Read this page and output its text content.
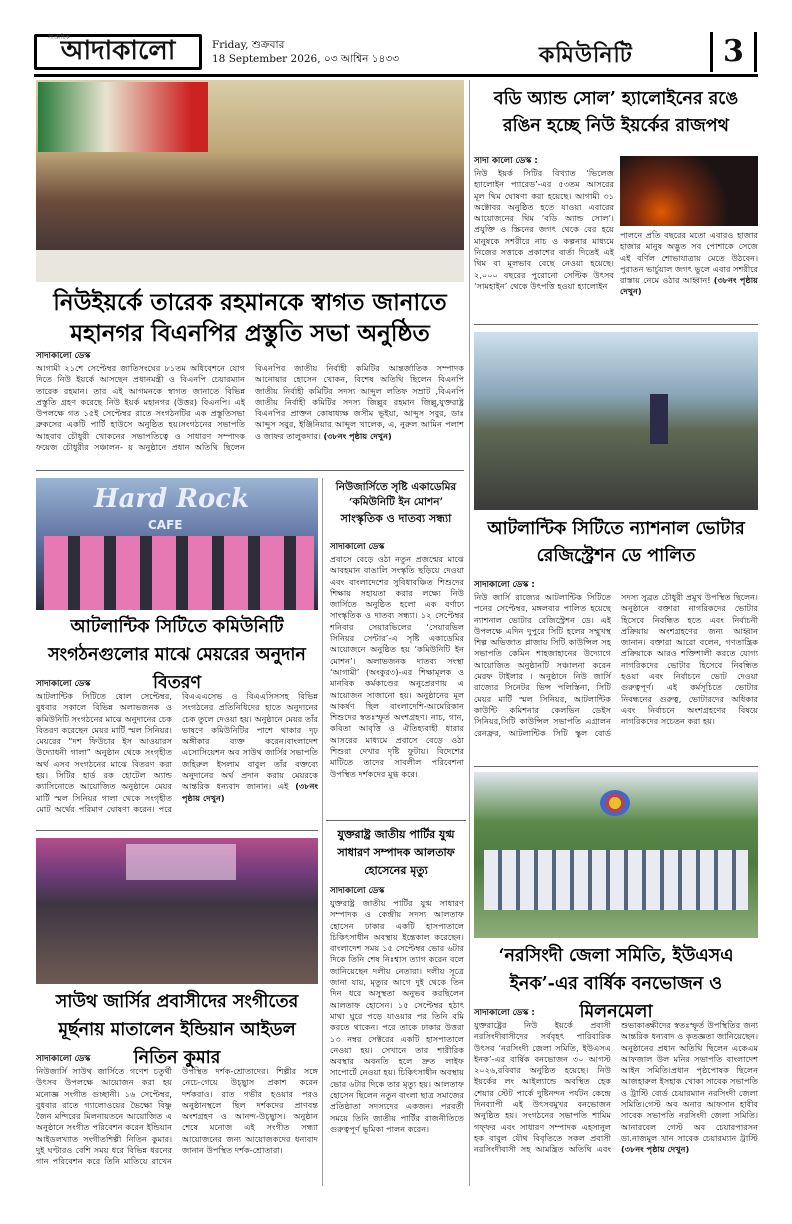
আদাকালো
সাপ্তাহিক
Friday, শুক্রবার
18 September 2026, ০৩ আশ্বিন ১৪৩৩	কমিউনিটি	3
নিউইয়র্কে তারেক রহমানকে স্বাগত জানাতে মহানগর বিএনপির প্রস্তুতি সভা অনুষ্ঠিত
সাদাকালো ডেস্ক
আগামী ২১শে সেপ্টেম্বর জাতিসংঘের ৮১তম অধিবেশনে যোগ দিতে নিউ ইয়র্কে আসছেন প্রধানমন্ত্রী ও বিএনপি চেয়ারম্যান তারেক রহমান। তার এই আগমনকে স্বাগত জানাতে বিভিন্ন প্রস্তুতি গ্রহণ করেছে নিউ ইয়র্ক মহানগর (উত্তর) বিএনপি। এই উপলক্ষে গত ১৫ই সেপ্টেম্বর রাতে সংগঠনটির এক প্রস্তুতিসভা ব্রুকসের একটি পার্টি হাউসে অনুষ্ঠিত হয়।সংগঠনের সভাপতি আহবাব চৌধুরী খোকনের সভাপতিত্বে ও সাধারণ সম্পাদক ফয়েজ চৌধুরীর সঞ্চালন- য় অনুষ্ঠানে প্রধান অতিথি ছিলেন বিএনপির জাতীয় নির্বাহী কমিটির আন্তর্জাতিক সম্পাদক আনোয়ার হোসেন খোকন, বিশেষ অতিথি ছিলেন বিএনপি জাতীয় নির্বাহী কমিটির সদস্য আব্দুল লতিফ সম্রাট ,বিএনপি জাতীয় নির্বাহী কমিটির সদস্য জিল্লুর রহমান জিল্লু,যুক্তরাষ্ট্র বিএনপির প্রাক্তন কোষাধ্যক্ষ জসীম ভূইয়া, আব্দুস সবুর, ডাঃ আব্দুস সবুর, ইঞ্জিনিয়ার আব্দুল খালেক, এ, নুরুল আমিন পলাশ ও জাফর তালুকদার। (৩৮নং পৃষ্ঠায় দেখুন)
বডি অ্যান্ড সোল’ হ্যালোইনের রঙে রঙিন হচ্ছে নিউ ইয়র্কের রাজপথ
সাদা কালো ডেস্ক :
নিউ ইয়র্ক সিটির বিখ্যাত ‘ভিলেজ হ্যালোইন প্যারেড’-এর ৫৩তম আসরের মূল থিম ঘোষণা করা হয়েছে। আগামী ৩১ অক্টোবর অনুষ্ঠিত হতে যাওয়া এবারের আয়োজনের থিম ‘বডি অ্যান্ড সোল’। প্রযুক্তি ও স্ক্রিনের জগৎ থেকে বের হয়ে মানুষকে সশরীরে নাচ ও কল্পনার মাধ্যমে নিজের সত্তাকে প্রকাশের বার্তা দিতেই এই থিম বা মূলভাব বেছে নেওয়া হয়েছে। ২,০০০ বছরের পুরোনো সেল্টিক উৎসব ‘সামহাইন’ থেকে উৎপত্তি হওয়া হ্যালোইন
পালনে প্রতি বছরের মতো এবারও হাজার হাজার মানুষ অদ্ভুত সব পোশাকে সেজে এই বর্ণিল শোভাযাত্রায় মেতে উঠবেন। পুরাতন ভার্চুয়াল জগৎ ভুলে এবার সশরীরে রাস্তায় নেমে ওঠার আহ্বান! (৩৮নং পৃষ্ঠায় দেখুন)
আটলান্টিক সিটিতে ন্যাশনাল ভোটার রেজিস্ট্রেশন ডে পালিত
সাদাকালো ডেস্ক :
নিউ জার্সি রাজ্যের আটলান্টিক সিটিতে পনের সেপ্টেম্বর, মঙ্গলবার পালিত হয়েছে ন্যাশনাল ভোটার রেজিস্ট্রেশন ডে। এই উপলক্ষে এদিন দুপুরে সিটি হলের সম্মুখস্থ শিল্প অভিজাত প্লাজায় সিটি কাউন্সিল সহ সভাপতি কেমিন শাহজাহানের উদ্যোগে আয়োজিত অনুষ্ঠানটি সঞ্চালনা করেন মেরফ টাইলার । অনুষ্ঠানে নিউ জার্সি রাজ্যের সিনেটর ভিন্স পলিস্তিনা, সিটি মেয়র মার্টি স্মল সিনিয়র, আটলান্টিক কাউন্টি কমিশনার কেলভিন ডেইস সিনিয়র,সিটি কাউন্সিল সভাপতি এগ্রালন রেনফ্রর, আটলান্টিক সিটি স্কুল বোর্ড সদস্য সুব্রত চৌধুরী প্রমুখ উপস্থিত ছিলেন। অনুষ্ঠানে বক্তারা নাগরিকদের ভোটার হিসেবে নিবন্ধিত হতে এবং নির্বাচনী প্রক্রিয়ায় অংশগ্রহণের জন্য আহ্বান জানান। বক্তারা আরো বলেন, গণতান্ত্রিক প্রক্রিয়াকে আরও শক্তিশালী করতে যোগ্য নাগরিকদের ভোটার হিসেবে নিবন্ধিত হওয়া এবং নির্বাচনে ভোট দেওয়া গুরুত্বপূর্ণ। এই কর্মসূচিতে ভোটার নিবন্ধনের গুরুত্ব, ভোটারদের অধিকার এবং নির্বাচনে অংশগ্রহণের বিষয়ে নাগরিকদের সচেতন করা হয়।
Hard Rock
CAFE
আটলান্টিক সিটিতে কমিউনিটি সংগঠনগুলোর মাঝে মেয়রের অনুদান বিতরণ
সাদাকালো ডেস্ক
আটলান্টিক সিটিতে ষোল সেপ্টেম্বর, বুধবার সকালে বিভিন্ন অলাভজনক ও কমিউনিটি সংগঠনের মাঝে অনুদানের চেক বিতরণ করেছেন মেয়র মার্টি স্মল সিনিয়র। মেয়রের “দশ ফিউচার ইস আওয়ারস উদ্যোধনী গালা” অনুষ্ঠান থেকে সংগৃহীত অর্থ এসব সংগঠনের মাঝে বিতরণ করা হয়। সিটির হার্ড রক হোটেল অ্যান্ড ক্যাসিনোতে আয়োজিত অনুষ্ঠানে মেয়র মার্টি স্মল সিনিয়র গালা থেকে সংগৃহীত মোট অর্থের পরিমাণ ঘোষণা করেন। পরে বিএএএসেভ ও বিএএসিসসহ বিভিন্ন সংগঠনের প্রতিনিধিদের হাতে অনুদানের চেক তুলে দেওয়া হয়। অনুষ্ঠানে মেয়র তাঁর ভাষণে কমিউনিটির পাশে থাকার দৃঢ় অঙ্গীকার ব্যক্ত করেন।বাংলাদেশ এসোসিয়েশন অব সাউথ জার্সির সভাপতি জহিরুল ইসলাম বাবুল তাঁর বক্তব্যে অনুদানের অর্থ প্রদান করায় মেয়রকে আন্তরিক ধন্যবাদ জানান। এই (৩৮নং পৃষ্ঠায় দেখুন)
নিউজার্সিতে সৃষ্টি একাডেমির
‘কমিউনিটি ইন মোশন’
সাংস্কৃতিক ও দাতব্য সন্ধ্যা
সাদাকালো ডেস্ক
প্রবাসে বেড়ে ওঠা নতুন প্রজন্মের মাঝে আবহমান বাঙালি সংস্কৃতি ছড়িয়ে দেওয়া এবং বাংলাদেশের সুবিধাবঞ্চিত শিশুদের শিক্ষায় সহায়তা করার লক্ষ্যে নিউ জার্সিতে অনুষ্ঠিত হলো এক বর্ণাঢ্য সাংস্কৃতিক ও দাতব্য সন্ধ্যা। ১২ সেপ্টেম্বর শনিবার সেয়ারভিলের ‘সেয়ারভিল সিনিয়র সেন্টার’-এ সৃষ্টি একাডেমির আয়োজনে অনুষ্ঠিত হয় ‘কমিউনিটি ইন মোশন’। অলাভজনক দাতব্য সংস্থা ‘আগামী’ (অংকুর৩)-এর শিক্ষামূলক ও মানবিক কর্মকাণ্ডের অনুপ্রেরণায় এ আয়োজন সাজানো হয়। অনুষ্ঠানের মূল আকর্ষণ ছিল বাংলাদেশি-আমেরিকান শিশুদের স্বতঃস্ফূর্ত অংশগ্রহণ। নাচ, গান, কবিতা আবৃত্তি ও ঐতিহ্যবাহী ধারার আসরের মাধ্যমে প্রবাসে বেড়ে ওঠা শিশুরা দেখার দৃষ্টি ফুটায়। বিদেশের মাটিতে তাদের সাবলীল পরিবেশনা উপস্থিত দর্শকদের মুগ্ধ করে।
যুক্তরাষ্ট্র জাতীয় পার্টির যুগ্ম সাধারণ সম্পাদক আলতাফ হোসেনের মৃত্যু
সাদাকালো ডেস্ক
যুক্তরাষ্ট্র জাতীয় পার্টির যুগ্ম সাধারণ সম্পাদক ও কেন্দ্রীয় সদস্য আলতাফ হোসেন ঢাকার একটি হাসপাতালে চিকিৎসাধীন অবস্থায় ইন্তেকাল করেছেন। বাংলাদেশ সময় ১৫ সেপ্টেম্বর ভোর ৬টার দিকে তিনি শেষ নিঃশ্বাস ত্যাগ করেন বলে জানিয়েছেন দলীয় নেতারা। দলীয় সূত্রে জানা যায়, মৃত্যুর আগে দুই থেকে তিন দিন ধরে অসুস্থতা অনুভব করছিলেন আলতাফ হোসেন। ১৫ সেপ্টেম্বর হঠাৎ মাথা ঘুরে পড়ে যাওয়ার পর তিনি বমি করতে থাকেন। পরে তাকে ঢাকার উত্তরা ১৩ নম্বর সেক্টরের একটি হাসপাতালে নেওয়া হয়। সেখানে তার শারীরিক অবস্থার অবনতি হলে দ্রুত লাইফ সাপোর্টে নেওয়া হয়। চিকিৎসাধীন অবস্থায় ভোর ৬টার দিকে তার মৃত্যু হয়। আলতাফ হোসেন ছিলেন নতুন বাংলা ছাত্র সমাজের প্রতিষ্ঠাতা সদস্যদের একজন। পরবর্তী সময়ে তিনি জাতীয় পার্টির রাজনীতিতে গুরুত্বপূর্ণ ভূমিকা পালন করেন।
সাউথ জার্সির প্রবাসীদের সংগীতের মূর্ছনায় মাতালেন ইন্ডিয়ান আইডল নিতিন কুমার
সাদাকালো ডেস্ক
নিউজার্সি সাউথ জার্সিতে গণেশ চতুর্থী উৎসব উপলক্ষে আয়োজন করা হয় মনোজ্ঞ সংগীত গুচ্ছানী। ১৬ সেপ্টেম্বর, বুধবার রাতে গ্যালোওয়ের ভৈক্ষো বিষ্ণু জৈন মন্দিরের মিলনায়তনে আয়োজিত এ অনুষ্ঠানে সংগীত পরিবেশন করেন ইন্ডিয়ান আইডলখ্যাত সংগীতশিল্পী নিতিন কুমার। দুই ঘণ্টারও বেশি সময় ধরে বিভিন্ন ধরনের গান পরিবেশন করে তিনি মাতিয়ে রাখেন উপস্থিত দর্শক-শ্রোতাদের। শিল্পীর সঙ্গে নেচে-গেয়ে উচ্ছ্বাস প্রকাশ করেন দর্শকরাও। রাত গভীর হওয়ার পরও অনুষ্ঠানস্থলে ছিল দর্শকদের প্রাণবন্ত অংশগ্রহণ ও আনন্দ-উচ্ছ্বাস। অনুষ্ঠান শেষে মনোজ এই সংগীত সন্ধ্যা আয়োজনের জন্য আয়োজকদের ধন্যবাদ জানান উপস্থিত দর্শক-শ্রোতারা।
‘নরসিংদী জেলা সমিতি, ইউএসএ ইনক’-এর বার্ষিক বনভোজন ও মিলনমেলা
সাদাকালো ডেস্ক :
যুক্তরাষ্ট্রের নিউ ইয়র্কে প্রবাসী নরসিংদীবাসীদের সর্ববৃহৎ পারিবারিক উৎসব ‘নরসিংদী জেলা সমিতি, ইউএসএ ইনক’-এর বার্ষিক বনভোজন ৩০ আগস্ট ২০২৬,রবিবার অনুষ্ঠিত হয়েছে। নিউ ইয়র্কের লং আইল্যান্ডে অবস্থিত হেক শেয়ার স্টেট পার্কে দুষ্টিনন্দন পর্যটন কেন্দ্রে দিনব্যাপী এই উৎসবমুখর বনভোজন অনুষ্ঠিত হয়। সংগঠনের সভাপতি শামিম গফ্ফর এবং সাধারণ সম্পাদক এহসানুল হক বাবুল যৌথ বিবৃতিতে সকল প্রবাসী নরসিংদীবাসী সহ আমন্ত্রিত অতিথি এবং শুভাকাঙ্ক্ষীদের স্বতঃস্ফূর্ত উপস্থিতির জন্য আন্তরিক ধন্যবাদ ও কৃতজ্ঞতা জানিয়েছেন। অনুষ্ঠানের প্রধান অতিথি ছিলেন একেএম আফজাল উল মনির সভাপতি বাংলাদেশ আইন সমিতি।প্রধান পৃষ্ঠপোষক ছিলেন আজহারুল ইসহাক খোকা সাবেক সভাপতি ও ট্রাস্টি বোর্ড চেয়ারম্যান নরসিংদী জেলা সমিতি।গেস্ট অব অনার আফসান হাবীব সাবেক সভাপতি নরসিংদী জেলা সমিতি। আনারবেল গেস্ট অব চেয়ারপারসন ডা.নাজমুল খান সাবেক চেয়ারম্যান ট্রাস্টি (৩৮নং পৃষ্ঠায় দেখুন)
